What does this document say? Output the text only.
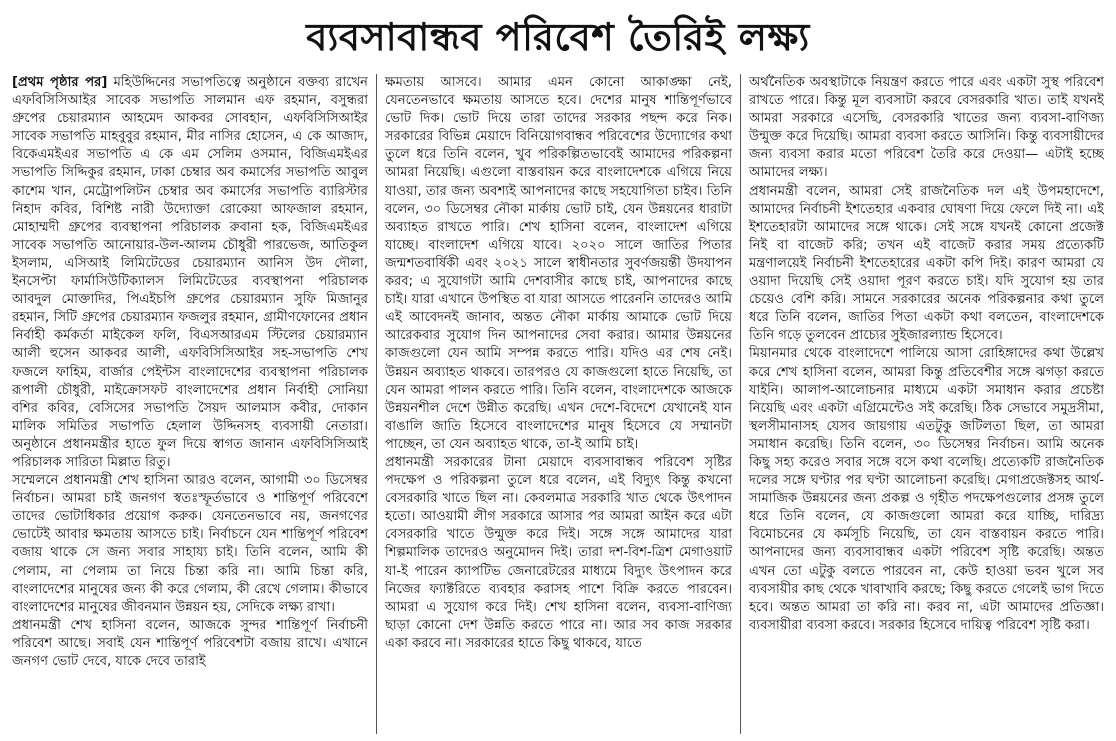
ব্যবসাবান্ধব পরিবেশ তৈরিই লক্ষ্য

[প্রথম পৃষ্ঠার পর] মহিউদ্দিনের সভাপতিত্বে অনুষ্ঠানে বক্তব্য রাখেন এফবিসিসিআইর সাবেক সভাপতি সালমান এফ রহমান, বসুন্ধরা গ্রুপের চেয়ারম্যান আহমেদ আকবর সোবহান, এফবিসিসিআইর সাবেক সভাপতি মাহবুবুর রহমান, মীর নাসির হোসেন, এ কে আজাদ, বিকেএমইএর সভাপতি এ কে এম সেলিম ওসমান, বিজিএমইএর সভাপতি সিদ্দিকুর রহমান, ঢাকা চেম্বার অব কমার্সের সভাপতি আবুল কাশেম খান, মেট্রোপলিটন চেম্বার অব কমার্সের সভাপতি ব্যারিস্টার নিহাদ কবির, বিশিষ্ট নারী উদ্যোক্তা রোকেয়া আফজাল রহমান, মোহাম্মদী গ্রুপের ব্যবস্থাপনা পরিচালক রুবানা হক, বিজিএমইএর সাবেক সভাপতি আনোয়ার-উল-আলম চৌধুরী পারভেজ, আতিকুল ইসলাম, এসিআই লিমিটেডের চেয়ারম্যান আনিস উদ দৌলা, ইনসেপ্টা ফার্মাসিউটিক্যালস লিমিটেডের ব্যবস্থাপনা পরিচালক আবদুল মোক্তাদির, পিএইচপি গ্রুপের চেয়ারম্যান সুফি মিজানুর রহমান, সিটি গ্রুপের চেয়ারম্যান ফজলুর রহমান, গ্রামীণফোনের প্রধান নির্বাহী কর্মকর্তা মাইকেল ফলি, বিএসআরএম স্টিলের চেয়ারম্যান আলী হুসেন আকবর আলী, এফবিসিসিআইর সহ-সভাপতি শেখ ফজলে ফাহিম, বার্জার পেইন্টস বাংলাদেশের ব্যবস্থাপনা পরিচালক রূপালী চৌধুরী, মাইক্রোসফট বাংলাদেশের প্রধান নির্বাহী সোনিয়া বশির কবির, বেসিসের সভাপতি সৈয়দ আলমাস কবীর, দোকান মালিক সমিতির সভাপতি হেলাল উদ্দিনসহ ব্যবসায়ী নেতারা। অনুষ্ঠানে প্রধানমন্ত্রীর হাতে ফুল দিয়ে স্বাগত জানান এফবিসিসিআই পরিচালক সারিতা মিল্লাত রিতু।

সম্মেলনে প্রধানমন্ত্রী শেখ হাসিনা আরও বলেন, আগামী ৩০ ডিসেম্বর নির্বাচন। আমরা চাই জনগণ স্বতঃস্ফূর্তভাবে ও শান্তিপূর্ণ পরিবেশে তাদের ভোটাধিকার প্রয়োগ করুক। যেনতেনভাবে নয়, জনগণের ভোটেই আবার ক্ষমতায় আসতে চাই। নির্বাচনে যেন শান্তিপূর্ণ পরিবেশ বজায় থাকে সে জন্য সবার সাহায্য চাই। তিনি বলেন, আমি কী পেলাম, না পেলাম তা নিয়ে চিন্তা করি না। আমি চিন্তা করি, বাংলাদেশের মানুষের জন্য কী করে গেলাম, কী রেখে গেলাম। কীভাবে বাংলাদেশের মানুষের জীবনমান উন্নয়ন হয়, সেদিকে লক্ষ্য রাখা।

প্রধানমন্ত্রী শেখ হাসিনা বলেন, আজকে সুন্দর শান্তিপূর্ণ নির্বাচনী পরিবেশ আছে। সবাই যেন শান্তিপূর্ণ পরিবেশটা বজায় রাখে। এখানে জনগণ ভোট দেবে, যাকে দেবে তারাই

ক্ষমতায় আসবে। আমার এমন কোনো আকাঙ্ক্ষা নেই, যেনতেনভাবে ক্ষমতায় আসতে হবে। দেশের মানুষ শান্তিপূর্ণভাবে ভোট দিক। ভোট দিয়ে তারা তাদের সরকার পছন্দ করে নিক। সরকারের বিভিন্ন মেয়াদে বিনিয়োগবান্ধব পরিবেশের উদ্যোগের কথা তুলে ধরে তিনি বলেন, খুব পরিকল্পিতভাবেই আমাদের পরিকল্পনা আমরা নিয়েছি। এগুলো বাস্তবায়ন করে বাংলাদেশকে এগিয়ে নিয়ে যাওয়া, তার জন্য অবশ্যই আপনাদের কাছে সহযোগিতা চাইব। তিনি বলেন, ৩০ ডিসেম্বর নৌকা মার্কায় ভোট চাই, যেন উন্নয়নের ধারাটা অব্যাহত রাখতে পারি। শেখ হাসিনা বলেন, বাংলাদেশ এগিয়ে যাচ্ছে। বাংলাদেশ এগিয়ে যাবে। ২০২০ সালে জাতির পিতার জন্মশতবার্ষিকী এবং ২০২১ সালে স্বাধীনতার সুবর্ণজয়ন্তী উদযাপন করব; এ সুযোগটা আমি দেশবাসীর কাছে চাই, আপনাদের কাছে চাই। যারা এখানে উপস্থিত বা যারা আসতে পারেননি তাদেরও আমি এই আবেদনই জানাব, অন্তত নৌকা মার্কায় আমাকে ভোট দিয়ে আরেকবার সুযোগ দিন আপনাদের সেবা করার। আমার উন্নয়নের কাজগুলো যেন আমি সম্পন্ন করতে পারি। যদিও এর শেষ নেই। উন্নয়ন অব্যাহত থাকবে। তারপরও যে কাজগুলো হাতে নিয়েছি, তা যেন আমরা পালন করতে পারি। তিনি বলেন, বাংলাদেশকে আজকে উন্নয়নশীল দেশে উন্নীত করেছি। এখন দেশে-বিদেশে যেখানেই যান বাঙালি জাতি হিসেবে বাংলাদেশের মানুষ হিসেবে যে সম্মানটা পাচ্ছেন, তা যেন অব্যাহত থাকে, তা-ই আমি চাই।

প্রধানমন্ত্রী সরকারের টানা মেয়াদে ব্যবসাবান্ধব পরিবেশ সৃষ্টির পদক্ষেপ ও পরিকল্পনা তুলে ধরে বলেন, এই বিদ্যুৎ কিন্তু কখনো বেসরকারি খাতে ছিল না। কেবলমাত্র সরকারি খাত থেকে উৎপাদন হতো। আওয়ামী লীগ সরকারে আসার পর আমরা আইন করে এটা বেসরকারি খাতে উন্মুক্ত করে দিই। সঙ্গে সঙ্গে আমাদের যারা শিল্পমালিক তাদেরও অনুমোদন দিই। তারা দশ-বিশ-ত্রিশ মেগাওয়াট যা-ই পারেন ক্যাপটিভ জেনারেটরের মাধ্যমে বিদ্যুৎ উৎপাদন করে নিজের ফ্যাক্টরিতে ব্যবহার করাসহ পাশে বিক্রি করতে পারবেন। আমরা এ সুযোগ করে দিই। শেখ হাসিনা বলেন, ব্যবসা-বাণিজ্য ছাড়া কোনো দেশ উন্নতি করতে পারে না। আর সব কাজ সরকার একা করবে না। সরকারের হাতে কিছু থাকবে, যাতে

অর্থনৈতিক অবস্থাটাকে নিয়ন্ত্রণ করতে পারে এবং একটা সুস্থ পরিবেশ রাখতে পারে। কিন্তু মূল ব্যবসাটা করবে বেসরকারি খাত। তাই যখনই আমরা সরকারে এসেছি, বেসরকারি খাতের জন্য ব্যবসা-বাণিজ্য উন্মুক্ত করে দিয়েছি। আমরা ব্যবসা করতে আসিনি। কিন্তু ব্যবসায়ীদের জন্য ব্যবসা করার মতো পরিবেশ তৈরি করে দেওয়া— এটাই হচ্ছে আমাদের লক্ষ্য।

প্রধানমন্ত্রী বলেন, আমরা সেই রাজনৈতিক দল এই উপমহাদেশে, আমাদের নির্বাচনী ইশতেহার একবার ঘোষণা দিয়ে ফেলে দিই না। এই ইশতেহারটা আমাদের সঙ্গে থাকে। সেই সঙ্গে যখনই কোনো প্রজেক্ট নিই বা বাজেট করি; তখন এই বাজেট করার সময় প্রত্যেকটি মন্ত্রণালয়েই নির্বাচনী ইশতেহারের একটা কপি দিই। কারণ আমরা যে ওয়াদা দিয়েছি সেই ওয়াদা পূরণ করতে চাই। যদি সুযোগ হয় তার চেয়েও বেশি করি। সামনে সরকারের অনেক পরিকল্পনার কথা তুলে ধরে তিনি বলেন, জাতির পিতা একটা কথা বলতেন, বাংলাদেশকে তিনি গড়ে তুলবেন প্রাচ্যের সুইজারল্যান্ড হিসেবে।

মিয়ানমার থেকে বাংলাদেশে পালিয়ে আসা রোহিঙ্গাদের কথা উল্লেখ করে শেখ হাসিনা বলেন, আমরা কিন্তু প্রতিবেশীর সঙ্গে ঝগড়া করতে যাইনি। আলাপ-আলোচনার মাধ্যমে একটা সমাধান করার প্রচেষ্টা নিয়েছি এবং একটা এগ্রিমেন্টেও সই করেছি। ঠিক সেভাবে সমুদ্রসীমা, স্থলসীমানাসহ যেসব জায়গায় এতটুকু জটিলতা ছিল, তা আমরা সমাধান করেছি। তিনি বলেন, ৩০ ডিসেম্বর নির্বাচন। আমি অনেক কিছু সহ্য করেও সবার সঙ্গে বসে কথা বলেছি। প্রত্যেকটি রাজনৈতিক দলের সঙ্গে ঘণ্টার পর ঘণ্টা আলোচনা করেছি। মেগাপ্রজেক্টসহ আর্থ-সামাজিক উন্নয়নের জন্য প্রকল্প ও গৃহীত পদক্ষেপগুলোর প্রসঙ্গ তুলে ধরে তিনি বলেন, যে কাজগুলো আমরা করে যাচ্ছি, দারিদ্র্য বিমোচনের যে কর্মসূচি নিয়েছি, তা যেন বাস্তবায়ন করতে পারি। আপনাদের জন্য ব্যবসাবান্ধব একটা পরিবেশ সৃষ্টি করেছি। অন্তত এখন তো এটুকু বলতে পারবেন না, কেউ হাওয়া ভবন খুলে সব ব্যবসায়ীর কাছ থেকে খাবাখাবি করছে; কিছু করতে গেলেই ভাগ দিতে হবে। অন্তত আমরা তা করি না। করব না, এটা আমাদের প্রতিজ্ঞা। ব্যবসায়ীরা ব্যবসা করবে। সরকার হিসেবে দায়িত্ব পরিবেশ সৃষ্টি করা।
